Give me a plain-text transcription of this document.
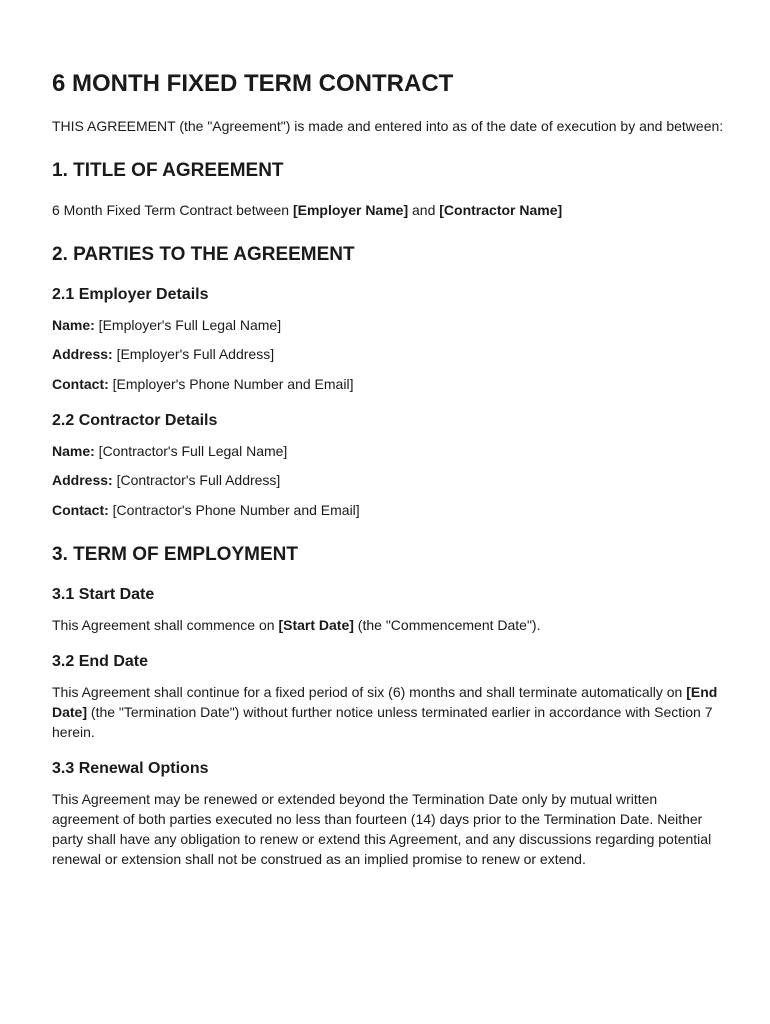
6 MONTH FIXED TERM CONTRACT

THIS AGREEMENT (the "Agreement") is made and entered into as of the date of execution by and between:

1. TITLE OF AGREEMENT

6 Month Fixed Term Contract between [Employer Name] and [Contractor Name]

2. PARTIES TO THE AGREEMENT
2.1 Employer Details

Name: [Employer's Full Legal Name]

Address: [Employer's Full Address]

Contact: [Employer's Phone Number and Email]

2.2 Contractor Details

Name: [Contractor's Full Legal Name]

Address: [Contractor's Full Address]

Contact: [Contractor's Phone Number and Email]

3. TERM OF EMPLOYMENT
3.1 Start Date

This Agreement shall commence on [Start Date] (the "Commencement Date").

3.2 End Date

This Agreement shall continue for a fixed period of six (6) months and shall terminate automatically on [End Date] (the "Termination Date") without further notice unless terminated earlier in accordance with Section 7 herein.

3.3 Renewal Options

This Agreement may be renewed or extended beyond the Termination Date only by mutual written agreement of both parties executed no less than fourteen (14) days prior to the Termination Date. Neither party shall have any obligation to renew or extend this Agreement, and any discussions regarding potential renewal or extension shall not be construed as an implied promise to renew or extend.
